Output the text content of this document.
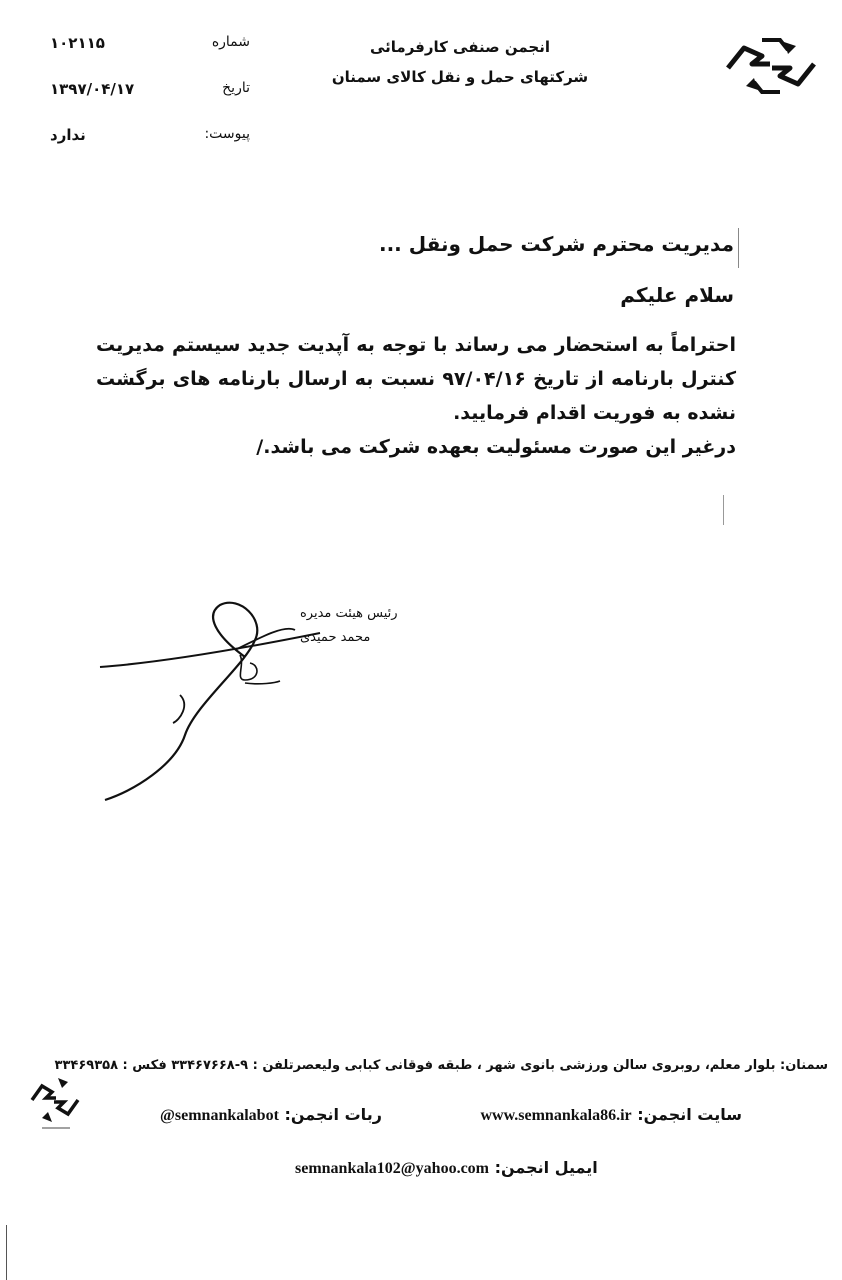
انجمن صنفی کارفرمائی
شرکتهای حمل و نقل کالای سمنان
شماره
۱۰۲۱۱۵
تاریخ
۱۳۹۷/۰۴/۱۷
پیوست:
ندارد
مدیریت محترم شرکت حمل ونقل ...
سلام علیکم

احتراماً به استحضار می رساند با توجه به آپدیت جدید سیستم مدیریت کنترل بارنامه از تاریخ ۹۷/۰۴/۱۶ نسبت به ارسال بارنامه های برگشت نشده به فوریت اقدام فرمایید.

درغیر این صورت مسئولیت بعهده شرکت می باشد./

رئیس هیئت مدیره
محمد حمیدی
سمنان: بلوار معلم، روبروی سالن ورزشی بانوی شهر ، طبقه فوقانی کبابی ولیعصرتلفن : ۹-۳۳۴۶۷۶۶۸ فکس : ۳۳۴۶۹۳۵۸
سایت انجمن: www.semnankala86.ir
ربات انجمن: @semnankalabot
ایمیل انجمن: semnankala102@yahoo.com
